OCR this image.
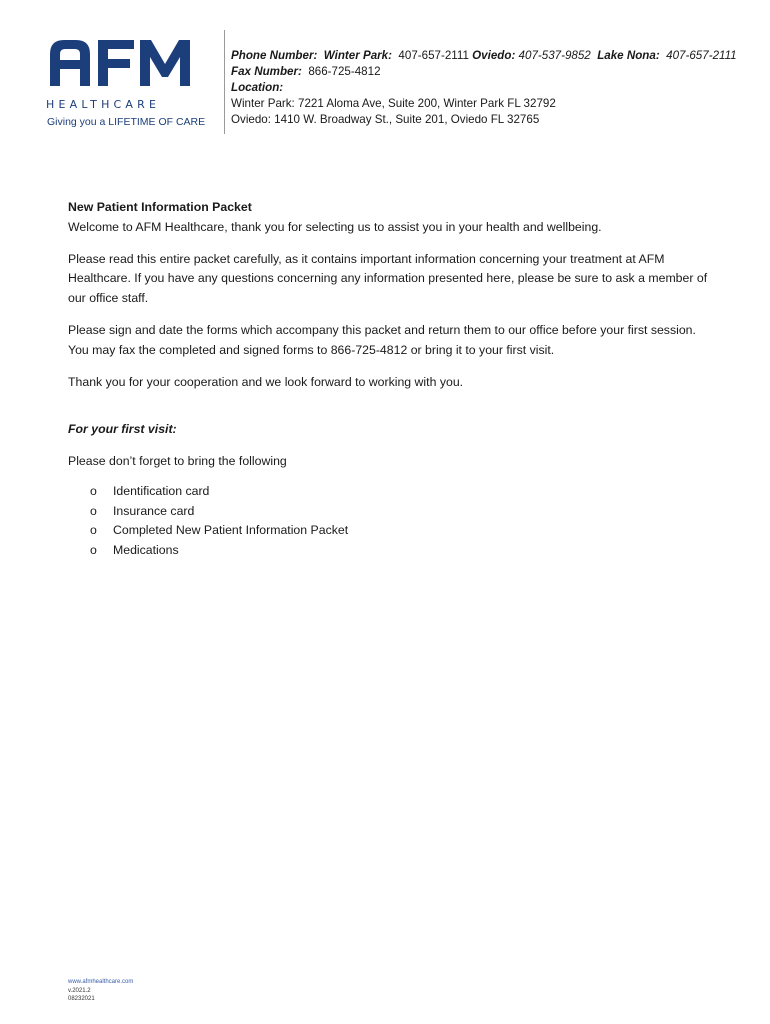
HEALTHCARE
Giving you a LIFETIME OF CARE
Phone Number: Winter Park: 407-657-2111 Oviedo: 407-537-9852 Lake Nona: 407-657-2111
Fax Number: 866-725-4812
Location:
Winter Park: 7221 Aloma Ave, Suite 200, Winter Park FL 32792
Oviedo: 1410 W. Broadway St., Suite 201, Oviedo FL 32765

New Patient Information Packet
Welcome to AFM Healthcare, thank you for selecting us to assist you in your health and wellbeing.

Please read this entire packet carefully, as it contains important information concerning your treatment at AFM Healthcare. If you have any questions concerning any information presented here, please be sure to ask a member of our office staff.

Please sign and date the forms which accompany this packet and return them to our office before your first session. You may fax the completed and signed forms to 866-725-4812 or bring it to your first visit.

Thank you for your cooperation and we look forward to working with you.

For your first visit:

Please don’t forget to bring the following

o Identification card
o Insurance card
o Completed New Patient Information Packet
o Medications
www.afmhealthcare.com
v.2021.2
08232021
